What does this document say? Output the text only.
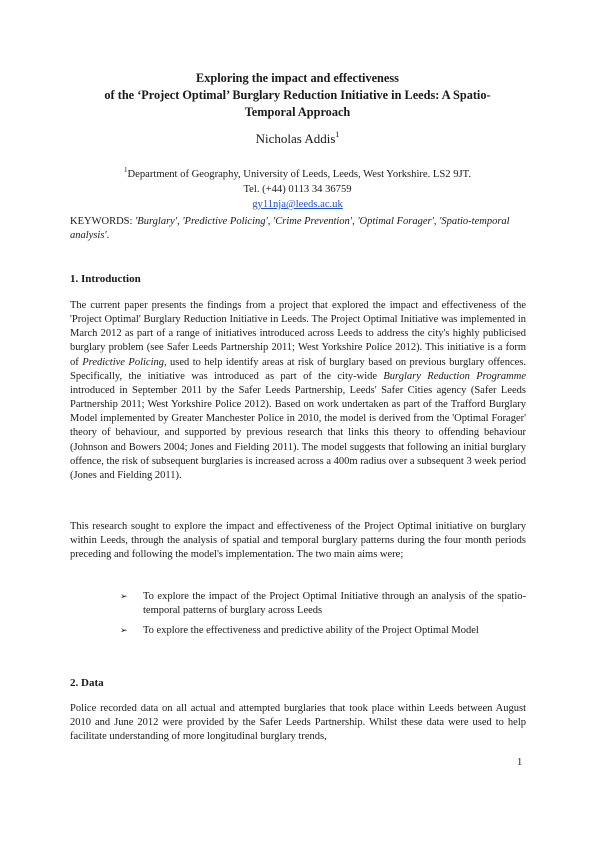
Exploring the impact and effectiveness
of the ‘Project Optimal’ Burglary Reduction Initiative in Leeds: A Spatio-
Temporal Approach
Nicholas Addis$^1$
$^1$Department of Geography, University of Leeds, Leeds, West Yorkshire. LS2 9JT.
Tel. (+44) 0113 34 36759
gy11nja@leeds.ac.uk
KEYWORDS: 'Burglary', 'Predictive Policing', 'Crime Prevention', 'Optimal Forager', 'Spatio-temporal analysis'.
1. Introduction
The current paper presents the findings from a project that explored the impact and effectiveness of the 'Project Optimal' Burglary Reduction Initiative in Leeds. The Project Optimal Initiative was implemented in March 2012 as part of a range of initiatives introduced across Leeds to address the city's highly publicised burglary problem (see Safer Leeds Partnership 2011; West Yorkshire Police 2012). This initiative is a form of Predictive Policing, used to help identify areas at risk of burglary based on previous burglary offences. Specifically, the initiative was introduced as part of the city-wide Burglary Reduction Programme introduced in September 2011 by the Safer Leeds Partnership, Leeds' Safer Cities agency (Safer Leeds Partnership 2011; West Yorkshire Police 2012). Based on work undertaken as part of the Trafford Burglary Model implemented by Greater Manchester Police in 2010, the model is derived from the 'Optimal Forager' theory of behaviour, and supported by previous research that links this theory to offending behaviour (Johnson and Bowers 2004; Jones and Fielding 2011). The model suggests that following an initial burglary offence, the risk of subsequent burglaries is increased across a 400m radius over a subsequent 3 week period (Jones and Fielding 2011).
This research sought to explore the impact and effectiveness of the Project Optimal initiative on burglary within Leeds, through the analysis of spatial and temporal burglary patterns during the four month periods preceding and following the model's implementation. The two main aims were;
➢ To explore the impact of the Project Optimal Initiative through an analysis of the spatio-temporal patterns of burglary across Leeds
➢ To explore the effectiveness and predictive ability of the Project Optimal Model
2. Data
Police recorded data on all actual and attempted burglaries that took place within Leeds between August 2010 and June 2012 were provided by the Safer Leeds Partnership. Whilst these data were used to help facilitate understanding of more longitudinal burglary trends,
1
